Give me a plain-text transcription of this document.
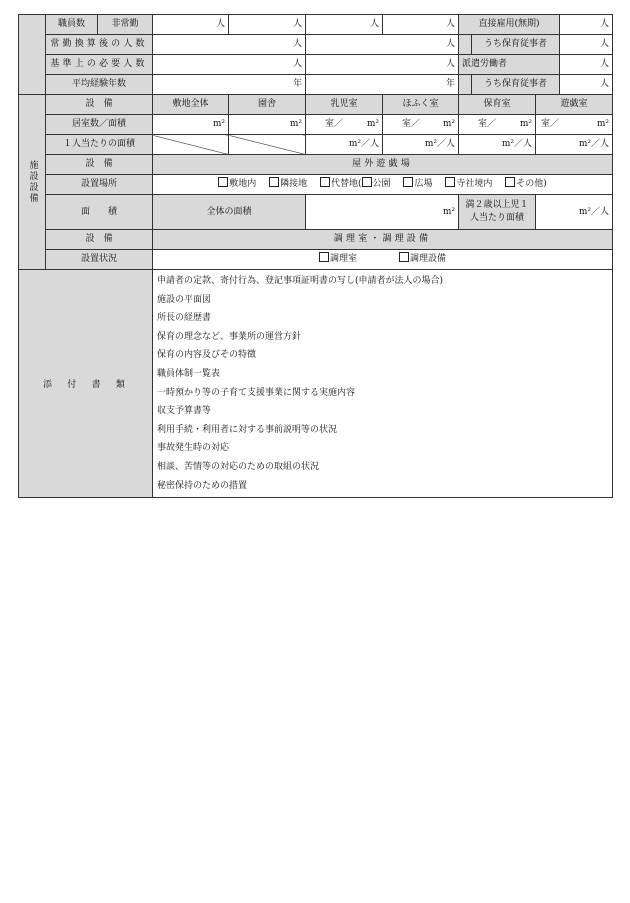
	職員数	非常勤	人	人	人	人	直接雇用(無期)		人
	常勤換算後の人数		人		人			うち保育従事者	人
	基準上の必要人数		人		人		派遣労働者		人
	平均経験年数		年		年			うち保育従事者	人
施設設備	設　備	敷地全体	園舎	乳児室	ほふく室	保育室	遊戯室
	居室数／面積	m²	m²	室／ m²	室／ m²	室／ m²	室／ m²

	１人当たりの面積			m²／人	m²／人	m²／人	m²／人
	設　備	屋外遊戯場					
	設置場所	敷地内 隣接地 代替地( 公園 広場 寺社境内 その他)					
	面　　積	全体の面積		m²		満２歳以上児１人当たり面積	m²／人
	設　備	調理室・調理設備					
	設置状況	調理室 調理設備					
添　付　書　類	
申請者の定款、寄付行為、登記事項証明書の写し(申請者が法人の場合)
施設の平面図
所長の経歴書
保育の理念など、事業所の運営方針
保育の内容及びその特徴
職員体制一覧表
一時預かり等の子育て支援事業に関する実施内容
収支予算書等
利用手続・利用者に対する事前説明等の状況
事故発生時の対応
相談、苦情等の対応のための取組の状況
秘密保持のための措置
